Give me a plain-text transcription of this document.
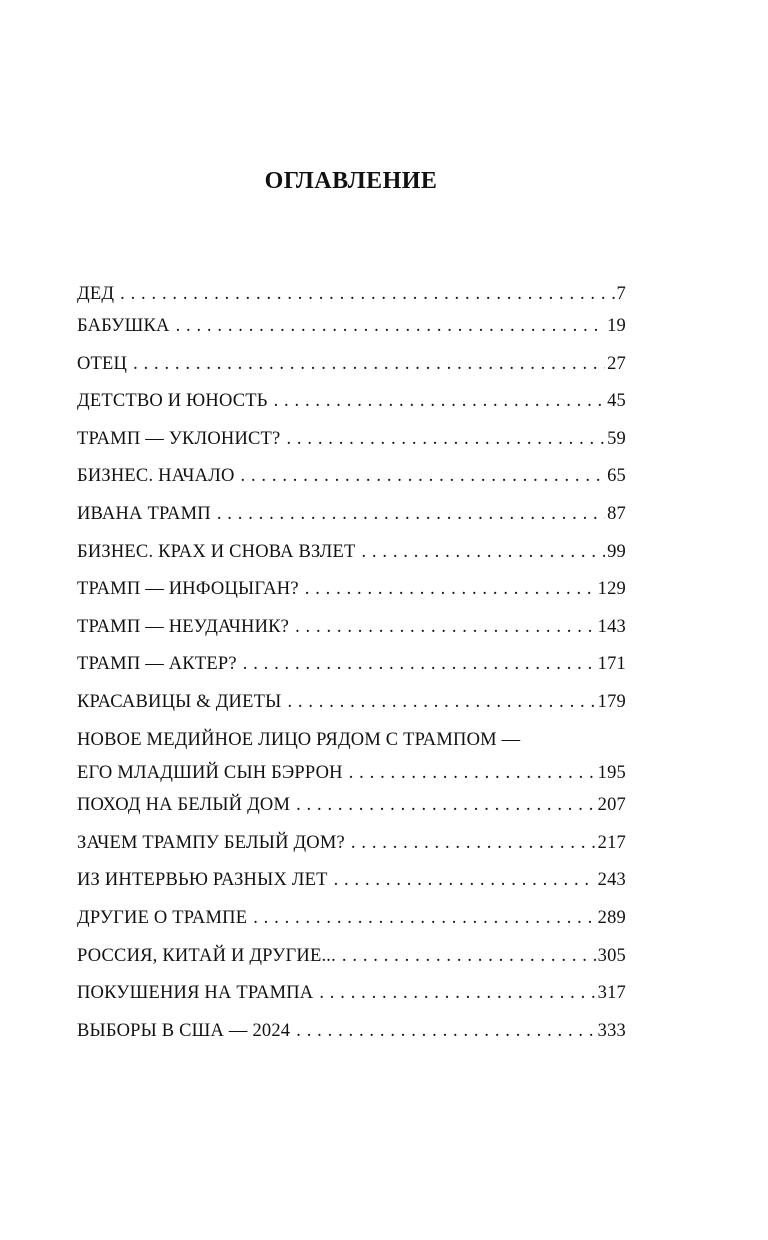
ОГЛАВЛЕНИЕ
ДЕД . . .	7
БАБУШКА . . .	19
ОТЕЦ . . .	27
ДЕТСТВО И ЮНОСТЬ . . .	45
ТРАМП — УКЛОНИСТ? . . .	59
БИЗНЕС. НАЧАЛО . . .	65
ИВАНА ТРАМП . . .	87
БИЗНЕС. КРАХ И СНОВА ВЗЛЕТ . . .	99
ТРАМП — ИНФОЦЫГАН? . . .	129
ТРАМП — НЕУДАЧНИК? . . .	143
ТРАМП — АКТЕР? . . .	171
КРАСАВИЦЫ & ДИЕТЫ . . .	179
НОВОЕ МЕДИЙНОЕ ЛИЦО РЯДОМ С ТРАМПОМ —
ЕГО МЛАДШИЙ СЫН БЭРРОН . . .	195
ПОХОД НА БЕЛЫЙ ДОМ . . .	207
ЗАЧЕМ ТРАМПУ БЕЛЫЙ ДОМ? . . .	217
ИЗ ИНТЕРВЬЮ РАЗНЫХ ЛЕТ . . .	243
ДРУГИЕ О ТРАМПЕ . . .	289
РОССИЯ, КИТАЙ И ДРУГИЕ... . . .	305
ПОКУШЕНИЯ НА ТРАМПА . . .	317
ВЫБОРЫ В США — 2024 . . .	333
